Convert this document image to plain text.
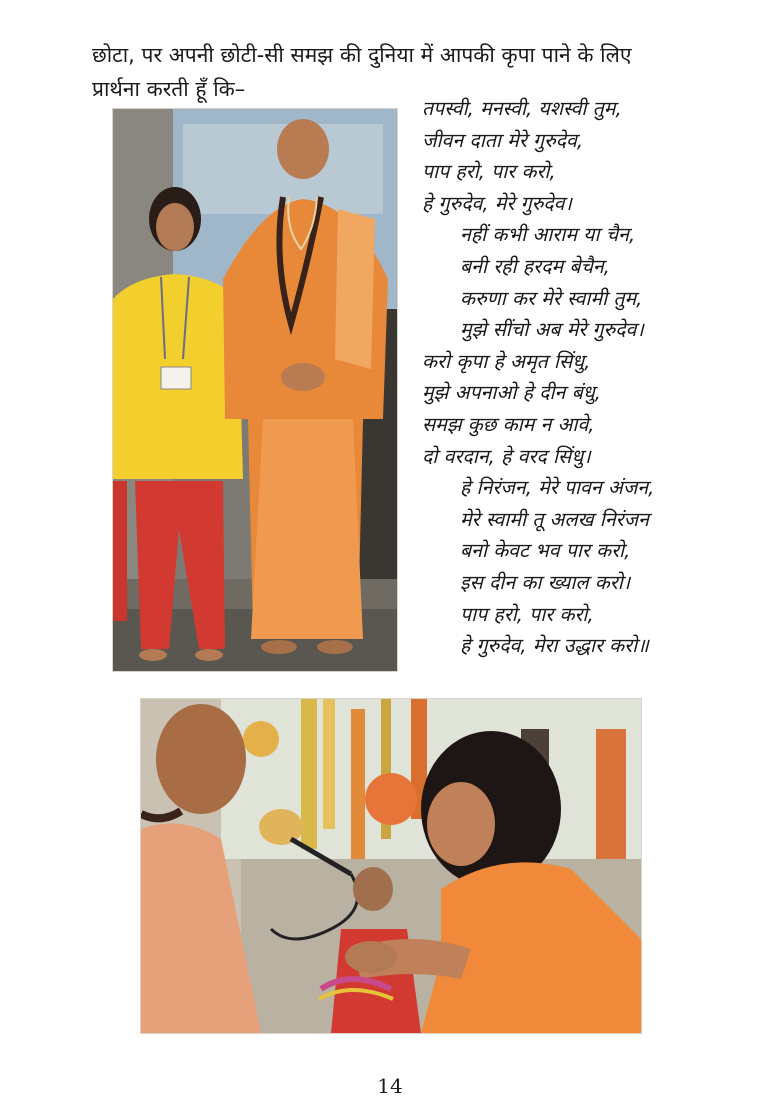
छोटा, पर अपनी छोटी-सी समझ की दुनिया में आपकी कृपा पाने के लिए
प्रार्थना करती हूँ कि–

तपस्वी, मनस्वी, यशस्वी तुम,
जीवन दाता मेरे गुरुदेव,
पाप हरो, पार करो,
हे गुरुदेव, मेरे गुरुदेव।
नहीं कभी आराम या चैन,
बनी रही हरदम बेचैन,
करुणा कर मेरे स्वामी तुम,
मुझे सींचो अब मेरे गुरुदेव।
करो कृपा हे अमृत सिंधु,
मुझे अपनाओ हे दीन बंधु,
समझ कुछ काम न आवे,
दो वरदान, हे वरद सिंधु।
हे निरंजन, मेरे पावन अंजन,
मेरे स्वामी तू अलख निरंजन
बनो केवट भव पार करो,
इस दीन का ख्याल करो।
पाप हरो, पार करो,
हे गुरुदेव, मेरा उद्धार करो॥
14
